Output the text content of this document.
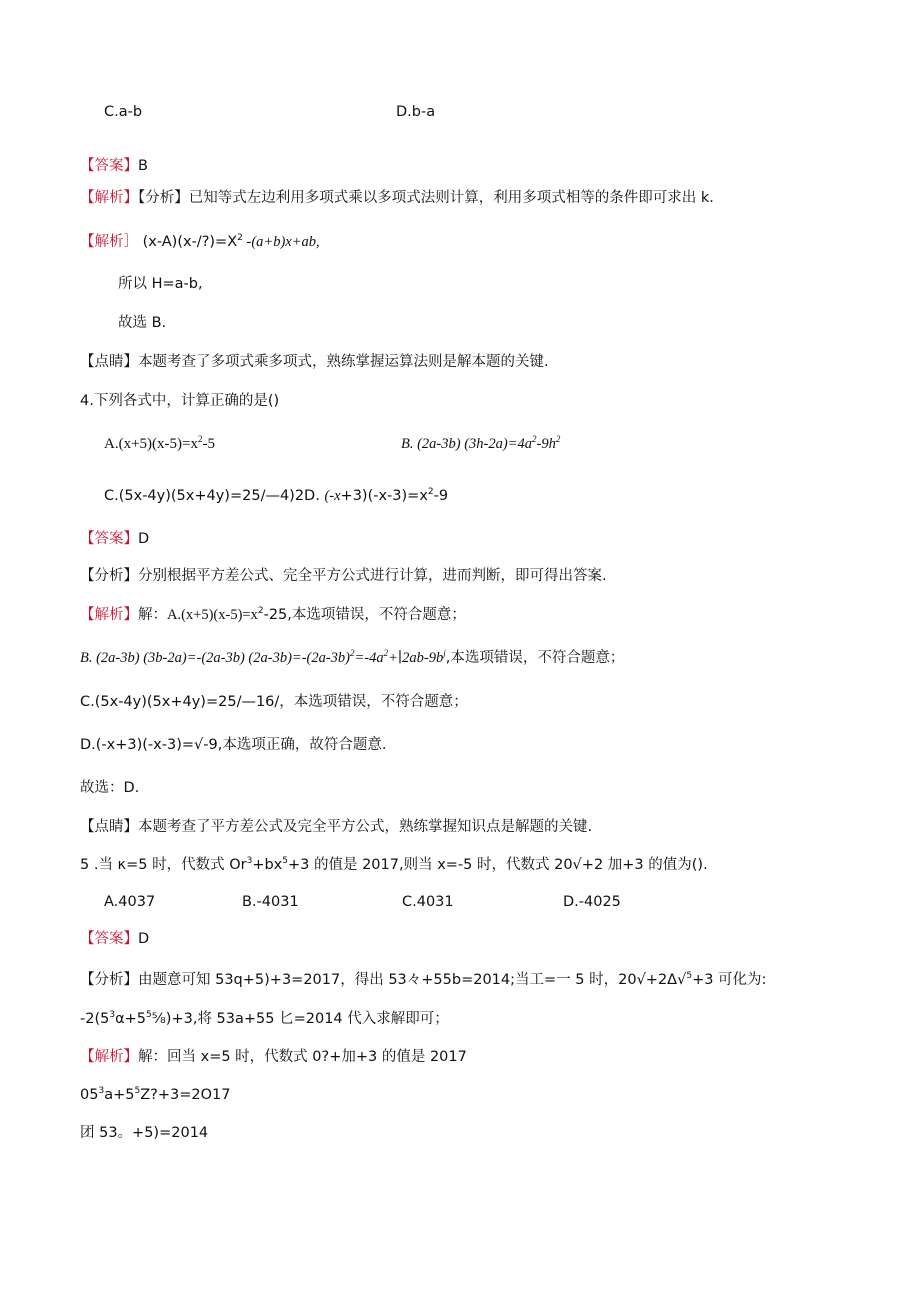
C.a-b	D.b-a
【答案】B
【解析】【分析】已知等式左边利用多项式乘以多项式法则计算，利用多项式相等的条件即可求出 k.
【解析］ $(x-A)(x-/?)=X^2$ -(a+b)x+ab,
所以 H=a-b,
故选 B.
【点睛】本题考查了多项式乘多项式，熟练掌握运算法则是解本题的关键.
4.下列各式中，计算正确的是()
$A.(x+5)(x-5)=x^2-5$	B. (2a-3b) $(3h-2a)=4a^2-9h^2$
C.(5x-4y)(5x+4y)=25/—4)2D. $(-x+3)(-x-3)=x^2-9$
【答案】D
【分析】分别根据平方差公式、完全平方公式进行计算，进而判断，即可得出答案.
【解析】解：$A.(x+5)(x-5)=x^2-25$,本选项错误，不符合题意；
B. (2a-3b) (3b-2a)=-(2a-3b) $(2a-3b)=-(2a-3b)^2=-4a^2+∣2ab-9b^j$,本选项错误，不符合题意；
C.(5x-4y)(5x+4y)=25/—16/，本选项错误，不符合题意；
D.(-x+3)(-x-3)=√-9,本选项正确，故符合题意.
故选：D.
【点睛】本题考查了平方差公式及完全平方公式，熟练掌握知识点是解题的关键.
5 .当 κ=5 时，代数式 $Or^3+bx^5+3$ 的值是 2017,则当 x=-5 时，代数式 20√+2 加+3 的值为().
A.4037	B.-4031	C.4031	D.-4025
【答案】D
【分析】由题意可知 53q+5)+3=2017，得出 53々+55b=2014;当工=一 5 时，20√+2Δ√$^5$+3 可化为:
$-2(5^3\alpha+5^5\frac{5}{8})+3$,将 53a+55 匕=2014 代入求解即可；
【解析】解：回当 x=5 时，代数式 0?+加+3 的值是 2017
$05^3a+5^5Z?+3=2O17$
团 53。+5)=2014
